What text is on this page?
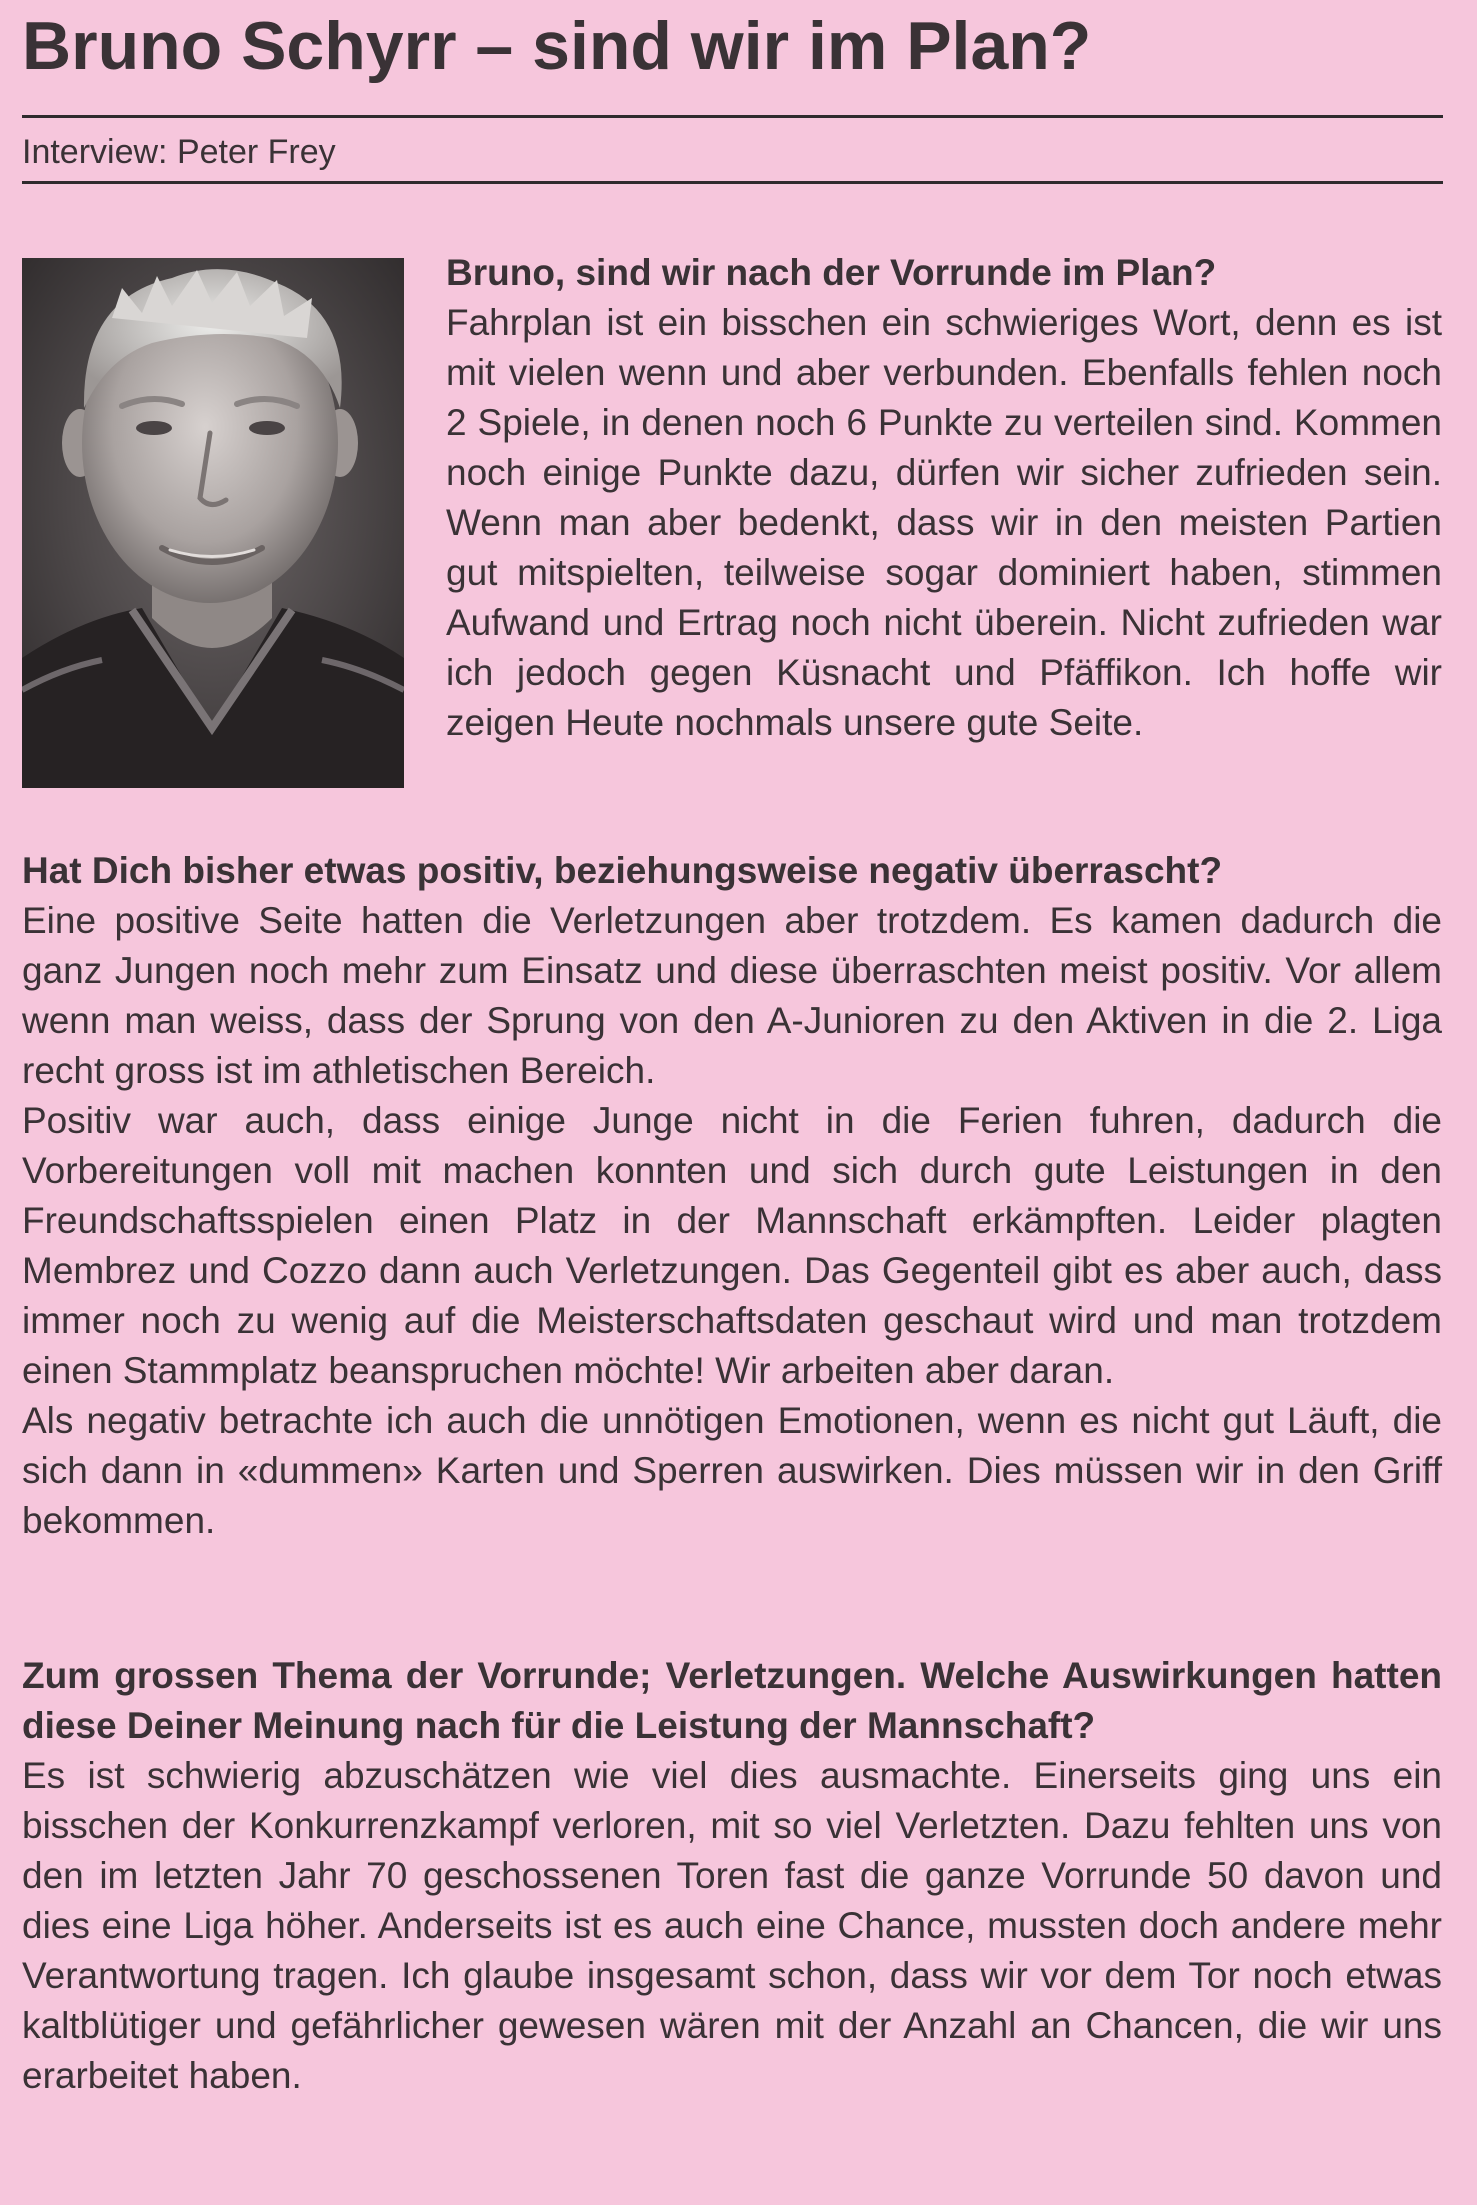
Bruno Schyrr – sind wir im Plan?
Interview: Peter Frey

Bruno, sind wir nach der Vorrunde im Plan?

Fahrplan ist ein bisschen ein schwieriges Wort, denn es ist mit vielen wenn und aber verbunden. Ebenfalls fehlen noch 2 Spiele, in denen noch 6 Punkte zu verteilen sind. Kommen noch einige Punkte dazu, dürfen wir sicher zufrieden sein. Wenn man aber bedenkt, dass wir in den meisten Partien gut mitspielten, teilweise sogar dominiert haben, stimmen Aufwand und Ertrag noch nicht überein. Nicht zufrieden war ich jedoch gegen Küsnacht und Pfäffikon. Ich hoffe wir zeigen Heute nochmals unsere gute Seite.

Hat Dich bisher etwas positiv, beziehungsweise negativ überrascht?

Eine positive Seite hatten die Verletzungen aber trotzdem. Es kamen dadurch die ganz Jungen noch mehr zum Einsatz und diese überraschten meist positiv. Vor allem wenn man weiss, dass der Sprung von den A-Junioren zu den Aktiven in die 2. Liga recht gross ist im athletischen Bereich.

Positiv war auch, dass einige Junge nicht in die Ferien fuhren, dadurch die Vorbereitungen voll mit machen konnten und sich durch gute Leistungen in den Freundschaftsspielen einen Platz in der Mannschaft erkämpften. Leider plagten Membrez und Cozzo dann auch Verletzungen. Das Gegenteil gibt es aber auch, dass immer noch zu wenig auf die Meisterschaftsdaten geschaut wird und man trotzdem einen Stammplatz beanspruchen möchte! Wir arbeiten aber daran.

Als negativ betrachte ich auch die unnötigen Emotionen, wenn es nicht gut Läuft, die sich dann in «dummen» Karten und Sperren auswirken. Dies müssen wir in den Griff bekommen.

Zum grossen Thema der Vorrunde; Verletzungen. Welche Auswirkungen hatten diese Deiner Meinung nach für die Leistung der Mannschaft?

Es ist schwierig abzuschätzen wie viel dies ausmachte. Einerseits ging uns ein bisschen der Konkurrenzkampf verloren, mit so viel Verletzten. Dazu fehlten uns von den im letzten Jahr 70 geschossenen Toren fast die ganze Vorrunde 50 davon und dies eine Liga höher. Anderseits ist es auch eine Chance, mussten doch andere mehr Verantwortung tragen. Ich glaube insgesamt schon, dass wir vor dem Tor noch etwas kaltblütiger und gefährlicher gewesen wären mit der Anzahl an Chancen, die wir uns erarbeitet haben.
